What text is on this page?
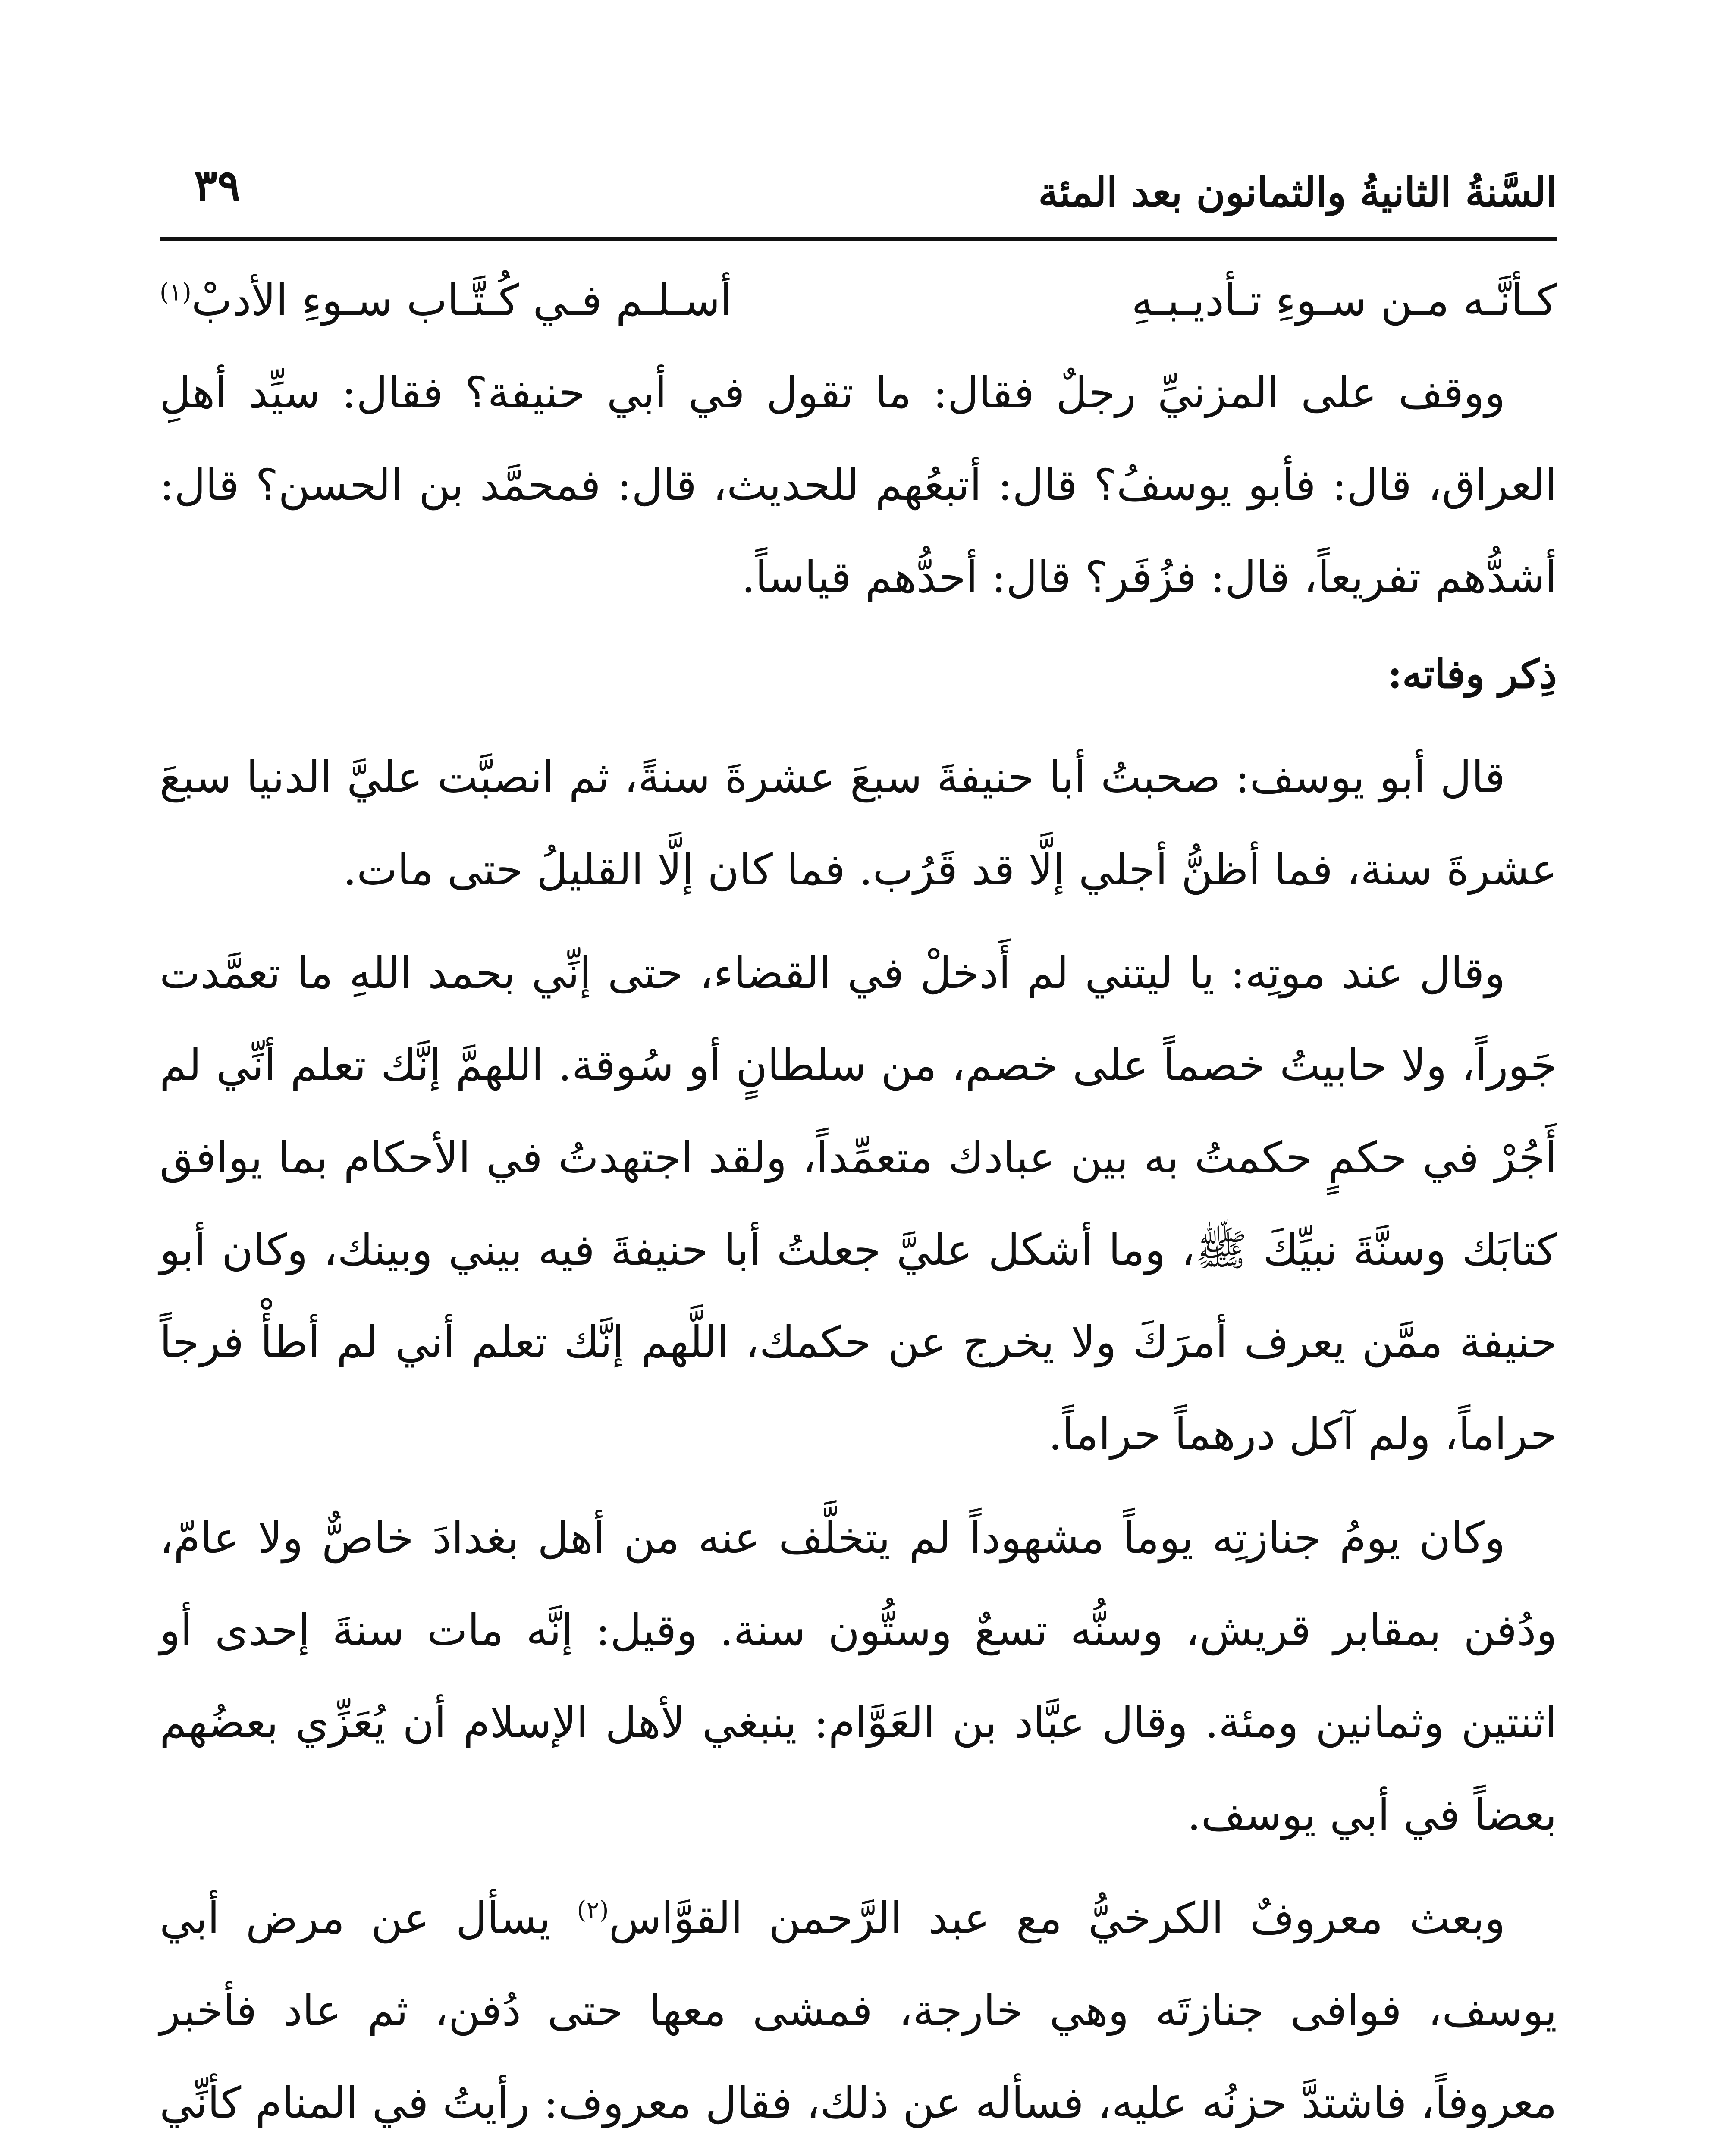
السَّنةُ الثانيةُ والثمانون بعد المئة
٣٩
كـأنَّـه مـن سـوءِ تـأديـبـهِ
أسـلـم فـي كُـتَّـاب سـوءِ الأدبْ$^{(١)}$

ووقف على المزنيِّ رجلٌ فقال: ما تقول في أبي حنيفة؟ فقال: سيِّد أهلِ العراق، قال: فأبو يوسفُ؟ قال: أتبعُهم للحديث، قال: فمحمَّد بن الحسن؟ قال: أشدُّهم تفريعاً، قال: فزُفَر؟ قال: أحدُّهم قياساً.

ذِكر وفاته:

قال أبو يوسف: صحبتُ أبا حنيفةَ سبعَ عشرةَ سنةً، ثم انصبَّت عليَّ الدنيا سبعَ عشرةَ سنة، فما أظنُّ أجلي إلَّا قد قَرُب. فما كان إلَّا القليلُ حتى مات.

وقال عند موتِه: يا ليتني لم أَدخلْ في القضاء، حتى إنِّي بحمد اللهِ ما تعمَّدت جَوراً، ولا حابيتُ خصماً على خصم، من سلطانٍ أو سُوقة. اللهمَّ إنَّك تعلم أنِّي لم أَجُرْ في حكمٍ حكمتُ به بين عبادك متعمِّداً، ولقد اجتهدتُ في الأحكام بما يوافق كتابَك وسنَّةَ نبيِّكَ ﷺ، وما أشكل عليَّ جعلتُ أبا حنيفةَ فيه بيني وبينك، وكان أبو حنيفة ممَّن يعرف أمرَكَ ولا يخرج عن حكمك، اللَّهم إنَّك تعلم أني لم أطأْ فرجاً حراماً، ولم آكل درهماً حراماً.

وكان يومُ جنازتِه يوماً مشهوداً لم يتخلَّف عنه من أهل بغدادَ خاصٌّ ولا عامّ، ودُفن بمقابر قريش، وسنُّه تسعٌ وستُّون سنة. وقيل: إنَّه مات سنةَ إحدى أو اثنتين وثمانين ومئة. وقال عبَّاد بن العَوَّام: ينبغي لأهل الإسلام أن يُعَزِّي بعضُهم بعضاً في أبي يوسف.

وبعث معروفٌ الكرخيُّ مع عبد الرَّحمن القوَّاس$^{(٢)}$ يسأل عن مرض أبي يوسف، فوافى جنازتَه وهي خارجة، فمشى معها حتى دُفن، ثم عاد فأخبر معروفاً، فاشتدَّ حزنُه عليه، فسأله عن ذلك، فقال معروف: رأيتُ في المنام كأنِّي
